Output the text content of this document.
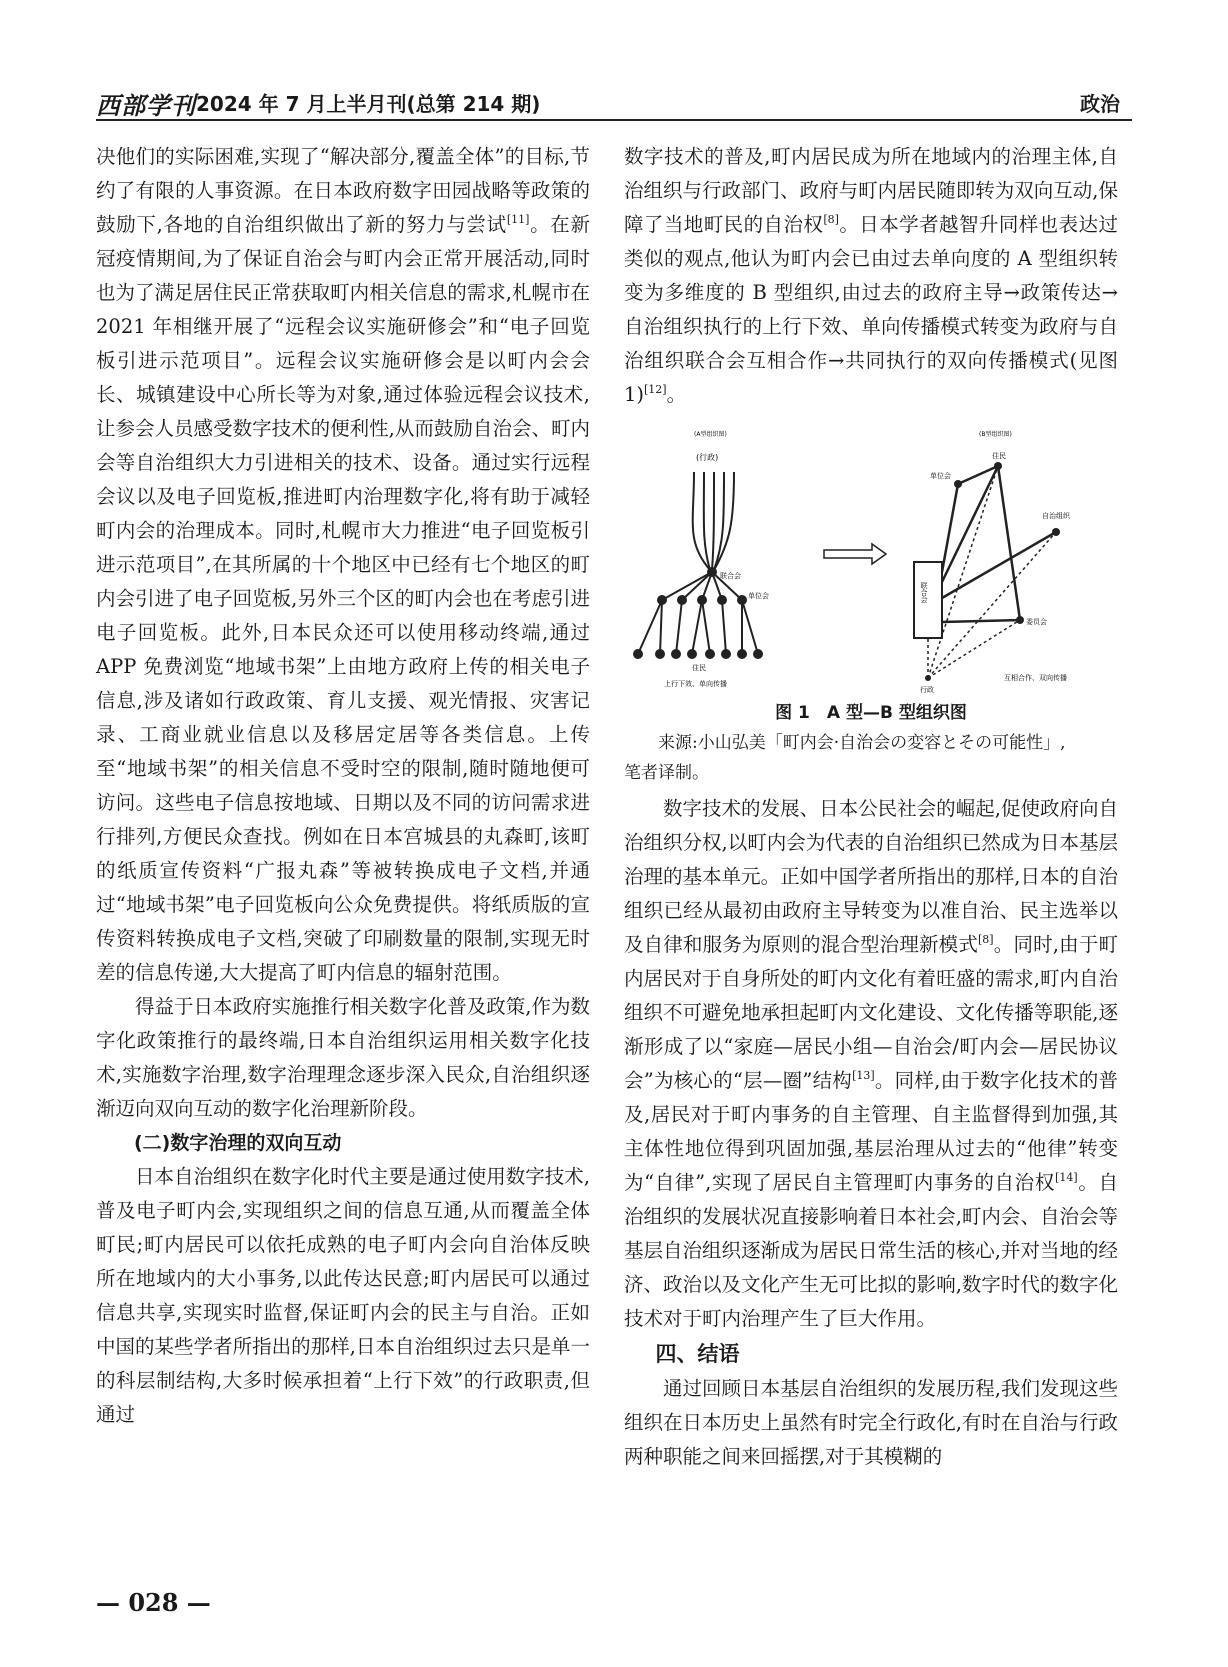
西部学刊 2024 年 7 月上半月刊(总第 214 期)	政治

决他们的实际困难,实现了“解决部分,覆盖全体”的目标,节约了有限的人事资源。在日本政府数字田园战略等政策的鼓励下,各地的自治组织做出了新的努力与尝试[11]。在新冠疫情期间,为了保证自治会与町内会正常开展活动,同时也为了满足居住民正常获取町内相关信息的需求,札幌市在 2021 年相继开展了“远程会议实施研修会”和“电子回览板引进示范项目”。远程会议实施研修会是以町内会会长、城镇建设中心所长等为对象,通过体验远程会议技术,让参会人员感受数字技术的便利性,从而鼓励自治会、町内会等自治组织大力引进相关的技术、设备。通过实行远程会议以及电子回览板,推进町内治理数字化,将有助于减轻町内会的治理成本。同时,札幌市大力推进“电子回览板引进示范项目”,在其所属的十个地区中已经有七个地区的町内会引进了电子回览板,另外三个区的町内会也在考虑引进电子回览板。此外,日本民众还可以使用移动终端,通过 APP 免费浏览“地域书架”上由地方政府上传的相关电子信息,涉及诸如行政政策、育儿支援、观光情报、灾害记录、工商业就业信息以及移居定居等各类信息。上传至“地域书架”的相关信息不受时空的限制,随时随地便可访问。这些电子信息按地域、日期以及不同的访问需求进行排列,方便民众查找。例如在日本宫城县的丸森町,该町的纸质宣传资料“广报丸森”等被转换成电子文档,并通过“地域书架”电子回览板向公众免费提供。将纸质版的宣传资料转换成电子文档,突破了印刷数量的限制,实现无时差的信息传递,大大提高了町内信息的辐射范围。

得益于日本政府实施推行相关数字化普及政策,作为数字化政策推行的最终端,日本自治组织运用相关数字化技术,实施数字治理,数字治理理念逐步深入民众,自治组织逐渐迈向双向互动的数字化治理新阶段。

(二)数字治理的双向互动

日本自治组织在数字化时代主要是通过使用数字技术,普及电子町内会,实现组织之间的信息互通,从而覆盖全体町民;町内居民可以依托成熟的电子町内会向自治体反映所在地域内的大小事务,以此传达民意;町内居民可以通过信息共享,实现实时监督,保证町内会的民主与自治。正如中国的某些学者所指出的那样,日本自治组织过去只是单一的科层制结构,大多时候承担着“上行下效”的行政职责,但通过

数字技术的普及,町内居民成为所在地域内的治理主体,自治组织与行政部门、政府与町内居民随即转为双向互动,保障了当地町民的自治权[8]。日本学者越智升同样也表达过类似的观点,他认为町内会已由过去单向度的 A 型组织转变为多维度的 B 型组织,由过去的政府主导→政策传达→自治组织执行的上行下效、单向传播模式转变为政府与自治组织联合会互相合作→共同执行的双向传播模式(见图 1)[12]。

(A型组织图)
(行政)
联合会
单位会
住民
上行下效、单向传播
(B型组织图)
联合会
住民
单位会
自治组织
委员会
行政
互相合作、双向传播

图 1　A 型—B 型组织图

来源:小山弘美「町内会·自治会の変容とその可能性」,

笔者译制。

数字技术的发展、日本公民社会的崛起,促使政府向自治组织分权,以町内会为代表的自治组织已然成为日本基层治理的基本单元。正如中国学者所指出的那样,日本的自治组织已经从最初由政府主导转变为以准自治、民主选举以及自律和服务为原则的混合型治理新模式[8]。同时,由于町内居民对于自身所处的町内文化有着旺盛的需求,町内自治组织不可避免地承担起町内文化建设、文化传播等职能,逐渐形成了以“家庭—居民小组—自治会/町内会—居民协议会”为核心的“层—圈”结构[13]。同样,由于数字化技术的普及,居民对于町内事务的自主管理、自主监督得到加强,其主体性地位得到巩固加强,基层治理从过去的“他律”转变为“自律”,实现了居民自主管理町内事务的自治权[14]。自治组织的发展状况直接影响着日本社会,町内会、自治会等基层自治组织逐渐成为居民日常生活的核心,并对当地的经济、政治以及文化产生无可比拟的影响,数字时代的数字化技术对于町内治理产生了巨大作用。

四、结语

通过回顾日本基层自治组织的发展历程,我们发现这些组织在日本历史上虽然有时完全行政化,有时在自治与行政两种职能之间来回摇摆,对于其模糊的

— 028 —
